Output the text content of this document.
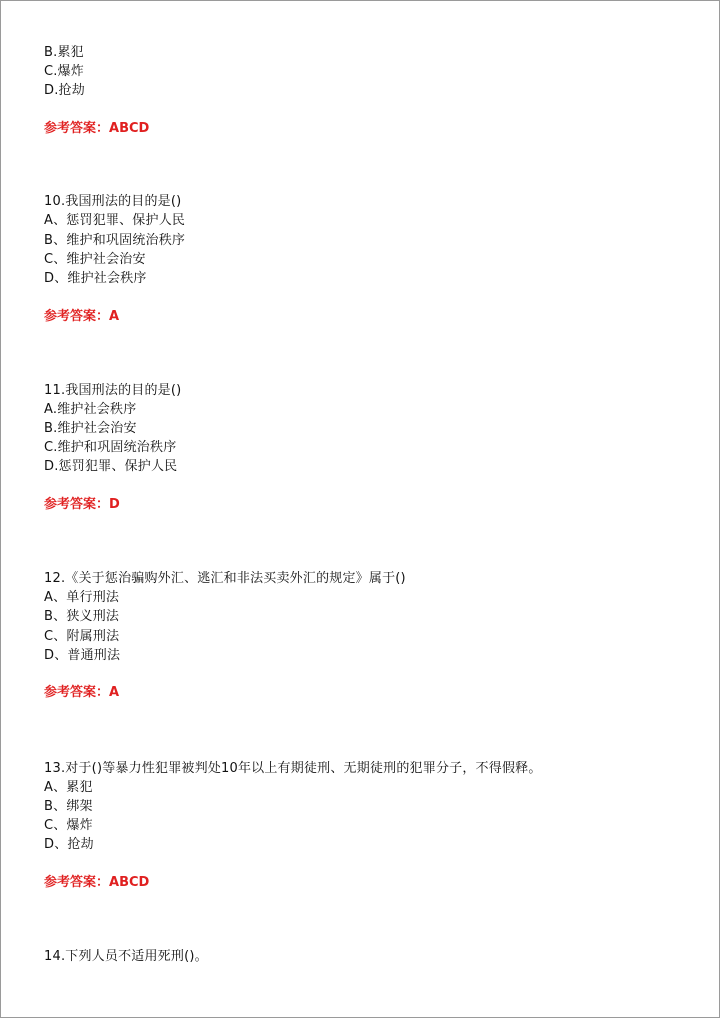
B.累犯
C.爆炸
D.抢劫
参考答案：ABCD
10.我国刑法的目的是()
A、惩罚犯罪、保护人民
B、维护和巩固统治秩序
C、维护社会治安
D、维护社会秩序
参考答案：A
11.我国刑法的目的是()
A.维护社会秩序
B.维护社会治安
C.维护和巩固统治秩序
D.惩罚犯罪、保护人民
参考答案：D
12.《关于惩治骗购外汇、逃汇和非法买卖外汇的规定》属于()
A、单行刑法
B、狭义刑法
C、附属刑法
D、普通刑法
参考答案：A
13.对于()等暴力性犯罪被判处10年以上有期徒刑、无期徒刑的犯罪分子，不得假释。
A、累犯
B、绑架
C、爆炸
D、抢劫
参考答案：ABCD
14.下列人员不适用死刑()。
